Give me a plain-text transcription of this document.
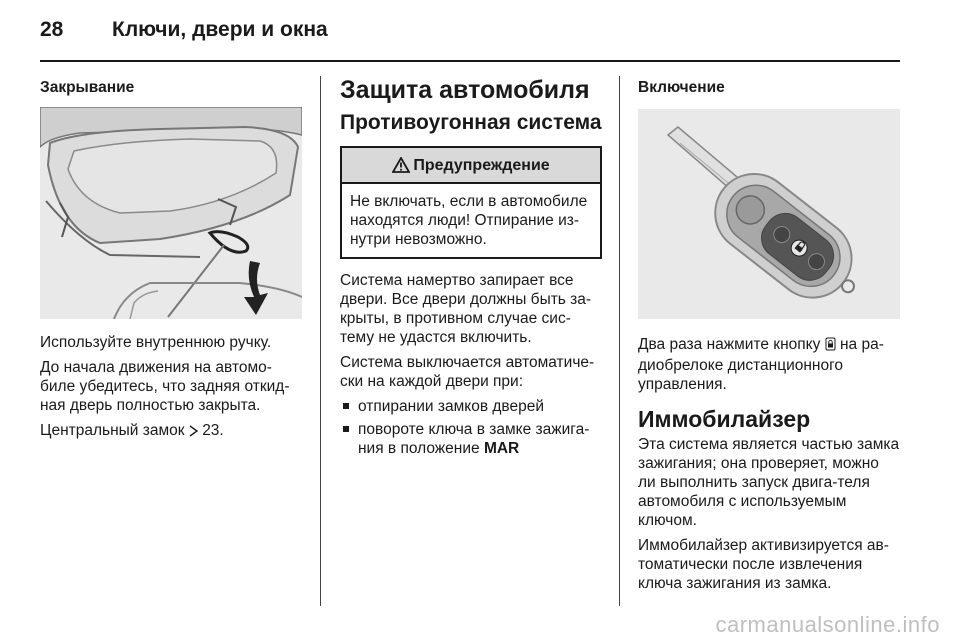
28	Ключи, двери и окна
Закрывание

Используйте внутреннюю ручку.

До начала движения на автомо-биле убедитесь, что задняя откид-ная дверь полностью закрыта.

Центральный замок  23.

Защита автомобиля
Противоугонная система
Предупреждение

Не включать, если в автомобиле находятся люди! Отпирание из-нутри невозможно.

Система намертво запирает все двери. Все двери должны быть за-крыты, в противном случае сис-тему не удастся включить.

Система выключается автоматиче-ски на каждой двери при:

отпирании замков дверей
повороте ключа в замке зажига-ния в положение MAR
Включение

Два раза нажмите кнопку  на ра-диобрелоке дистанционного управления.

Иммобилайзер

Эта система является частью замка зажигания; она проверяет, можно ли выполнить запуск двига-теля автомобиля с используемым ключом.

Иммобилайзер активизируется ав-томатически после извлечения ключа зажигания из замка.

carmanualsonline.info
